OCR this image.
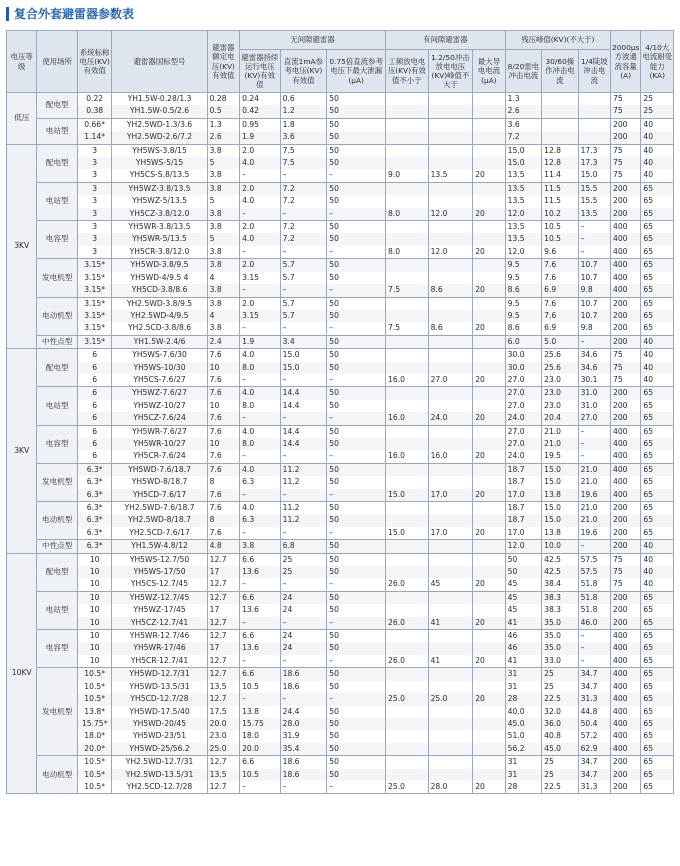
复合外套避雷器参数表
电压等级	使用场所	系统标称电压(KV)有效值	避雷器国标型号	避雷器额定电压(KV)有效值	无间隙避雷器			有间隙避雷器			残压峰值(KV)(不大于)			2000μs方波通流容量(A)	4/10大电流耐受能力(KA)
					避雷器持续运行电压(KV)有效值	直流1mA参考电压(KV)有效值	0.75倍直流参考电压下最大泄漏(μA)	工频放电电压(KV)有效值不小于	1.2/50冲击放电电压(KV)峰值不大于	最大导电电流(μA)	8/20雷电冲击电流	30/60操作冲击电流	1/4陡坡冲击电流		
低压	配电型	0.22	YH1.5W-0.28/1.3	0.28	0.24	0.6	50				1.3			75	25
		0.38	YH1.5W-0.5/2.6	0.5	0.42	1.2	50				2.6			75	25
	电站型	0.66*	YH2.5WD-1.3/3.6	1.3	0.95	1.8	50				3.6			200	40
		1.14*	YH2.5WD-2.6/7.2	2.6	1.9	3.6	50				7.2			200	40
3KV	配电型	3	YH5WS-3.8/15	3.8	2.0	7.5	50				15.0	12.8	17.3	75	40
		3	YH5WS-5/15	5	4.0	7.5	50				15.0	12.8	17.3	75	40
		3	YH5CS-S.8/13.5	3.8	–	–	–	9.0	13.5	20	13.5	11.4	15.0	75	40
	电站型	3	YH5WZ-3.8/13.5	3.8	2.0	7.2	50				13.5	11.5	15.5	200	65
		3	YH5WZ-5/13.5	5	4.0	7.2	50				13.5	11.5	15.5	200	65
		3	YH5CZ-3.8/12.0	3.8	–	–	–	8.0	12.0	20	12.0	10.2	13.5	200	65
	电容型	3	YH5WR-3.8/13.5	3.8	2.0	7.2	50				13.5	10.5	–	400	65
		3	YH5WR-5/13.5	5	4.0	7.2	50				13.5	10.5	–	400	65
		3	YH5CR-3.8/12.0	3.8	–	–	–	8.0	12.0	20	12.0	9.6	–	400	65
	发电机型	3.15*	YH5WD-3.8/9.5	3.8	2.0	5.7	50				9.5	7.6	10.7	400	65
		3.15*	YH5WD-4/9.5 4	4	3.15	5.7	50				9.5	7.6	10.7	400	65
		3.15*	YH5CD-3.8/8.6	3.8	–	–	–	7.5	8.6	20	8.6	6.9	9.8	400	65
	电动机型	3.15*	YH2.5WD-3.8/9.5	3.8	2.0	5.7	50				9.5	7.6	10.7	200	65
		3.15*	YH2.5WD-4/9.5	4	3.15	5.7	50				9.5	7.6	10.7	200	65
		3.15*	YH2.5CD-3.8/8.6	3.8	–	–	–	7.5	8.6	20	8.6	6.9	9.8	200	65
	中性点型	3.15*	YH1.5W-2.4/6	2.4	1.9	3.4	50				6.0	5.0	–	200	40
3KV	配电型	6	YH5WS-7.6/30	7.6	4.0	15.0	50				30.0	25.6	34.6	75	40
		6	YH5WS-10/30	10	8.0	15.0	50				30.0	25.6	34.6	75	40
		6	YH5CS-7.6/27	7.6	–	–	–	16.0	27.0	20	27.0	23.0	30.1	75	40
	电站型	6	YH5WZ-7.6/27	7.6	4.0	14.4	50				27.0	23.0	31.0	200	65
		6	YH5WZ-10/27	10	8.0	14.4	50				27.0	23.0	31.0	200	65
		6	YH5CZ-7.6/24	7.6	–	–	–	16.0	24.0	20	24.0	20.4	27.0	200	65
	电容型	6	YH5WR-7.6/27	7.6	4.0	14.4	50				27.0	21.0	–	400	65
		6	YH5WR-10/27	10	8.0	14.4	50				27.0	21.0	–	400	65
		6	YH5CR-7.6/24	7.6	–	–	–	16.0	16.0	20	24.0	19.5	–	400	65
	发电机型	6.3*	YH5WD-7.6/18.7	7.6	4.0	11.2	50				18.7	15.0	21.0	400	65
		6.3*	YH5WD-8/18.7	8	6.3	11.2	50				18.7	15.0	21.0	400	65
		6.3*	YH5CD-7.6/17	7.6	–	–	–	15.0	17.0	20	17.0	13.8	19.6	400	65
	电动机型	6.3*	YH2.5WD-7.6/18.7	7.6	4.0	11.2	50				18.7	15.0	21.0	200	65
		6.3*	YH2.5WD-8/18.7	8	6.3	11.2	50				18.7	15.0	21.0	200	65
		6.3*	YH2.5CD-7.6/17	7.6	–	–	–	15.0	17.0	20	17.0	13.8	19.6	200	65
	中性点型	6.3*	YH1.5W-4.8/12	4.8	3.8	6.8	50				12.0	10.0	–	200	40
10KV	配电型	10	YH5WS-12.7/50	12.7	6.6	25	50				50	42.5	57.5	75	40
		10	YH5WS-17/50	17	13.6	25	50				50	42.5	57.5	75	40
		10	YH5CS-12.7/45	12.7	–	–	–	26.0	45	20	45	38.4	51.8	75	40
	电站型	10	YH5WZ-12.7/45	12.7	6.6	24	50				45	38.3	51.8	200	65
		10	YH5WZ-17/45	17	13.6	24	50				45	38.3	51.8	200	65
		10	YH5CZ-12.7/41	12.7	–	–	–	26.0	41	20	41	35.0	46.0	200	65
	电容型	10	YH5WR-12.7/46	12.7	6.6	24	50				46	35.0	–	400	65
		10	YH5WR-17/46	17	13.6	24	50				46	35.0	–	400	65
		10	YH5CR-12.7/41	12.7	–	–	–	26.0	41	20	41	33.0	–	400	65
	发电机型	10.5*	YH5WD-12.7/31	12.7	6.6	18.6	50				31	25	34.7	400	65
		10.5*	YH5WD-13.5/31	13.5	10.5	18.6	50				31	25	34.7	400	65
		10.5*	YH5CD-12.7/28	12.7	–	–	–	25.0	25.0	20	28	22.5	31.3	400	65
		13.8*	YH5WD-17.5/40	17.5	13.8	24.4	50				40.0	32.0	44.8	400	65
		15.75*	YH5WD-20/45	20.0	15.75	28.0	50				45.0	36.0	50.4	400	65
		18.0*	YH5WD-23/51	23.0	18.0	31.9	50				51.0	40.8	57.2	400	65
		20.0*	YH5WD-25/56.2	25.0	20.0	35.4	50				56.2	45.0	62.9	400	65
	电动机型	10.5*	YH2.5WD-12.7/31	12.7	6.6	18.6	50				31	25	34.7	200	65
		10.5*	YH2.5WD-13.5/31	13.5	10.5	18.6	50				31	25	34.7	200	65
		10.5*	YH2.5CD-12.7/28	12.7	–	–	–	25.0	28.0	20	28	22.5	31.3	200	65
